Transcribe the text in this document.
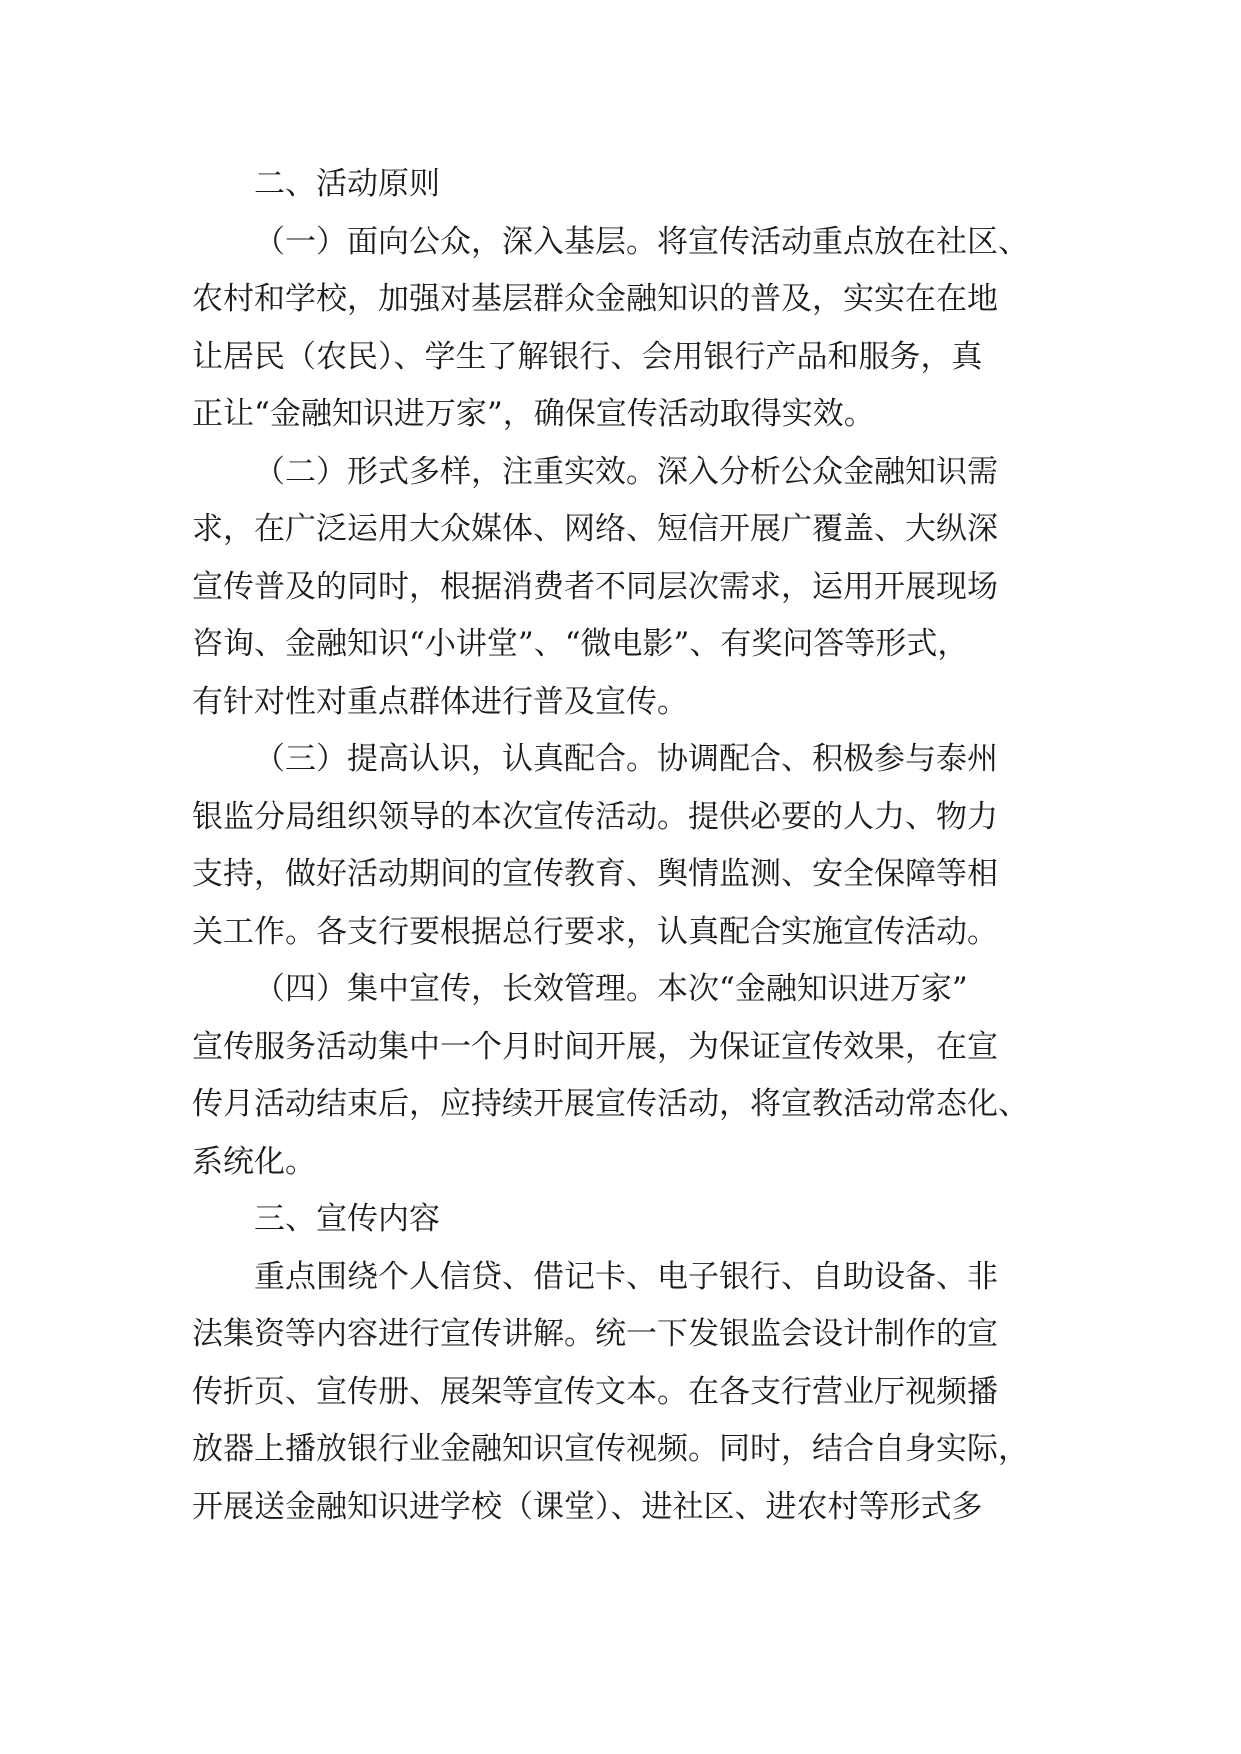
二、活动原则
（一）面向公众，深入基层。将宣传活动重点放在社区、
农村和学校，加强对基层群众金融知识的普及，实实在在地
让居民（农民）、学生了解银行、会用银行产品和服务，真
正让“金融知识进万家”，确保宣传活动取得实效。
（二）形式多样，注重实效。深入分析公众金融知识需
求，在广泛运用大众媒体、网络、短信开展广覆盖、大纵深
宣传普及的同时，根据消费者不同层次需求，运用开展现场
咨询、金融知识“小讲堂”、“微电影”、有奖问答等形式，
有针对性对重点群体进行普及宣传。
（三）提高认识，认真配合。协调配合、积极参与泰州
银监分局组织领导的本次宣传活动。提供必要的人力、物力
支持，做好活动期间的宣传教育、舆情监测、安全保障等相
关工作。各支行要根据总行要求，认真配合实施宣传活动。
（四）集中宣传，长效管理。本次“金融知识进万家”
宣传服务活动集中一个月时间开展，为保证宣传效果，在宣
传月活动结束后，应持续开展宣传活动，将宣教活动常态化、
系统化。
三、宣传内容
重点围绕个人信贷、借记卡、电子银行、自助设备、非
法集资等内容进行宣传讲解。统一下发银监会设计制作的宣
传折页、宣传册、展架等宣传文本。在各支行营业厅视频播
放器上播放银行业金融知识宣传视频。同时，结合自身实际，
开展送金融知识进学校（课堂）、进社区、进农村等形式多
